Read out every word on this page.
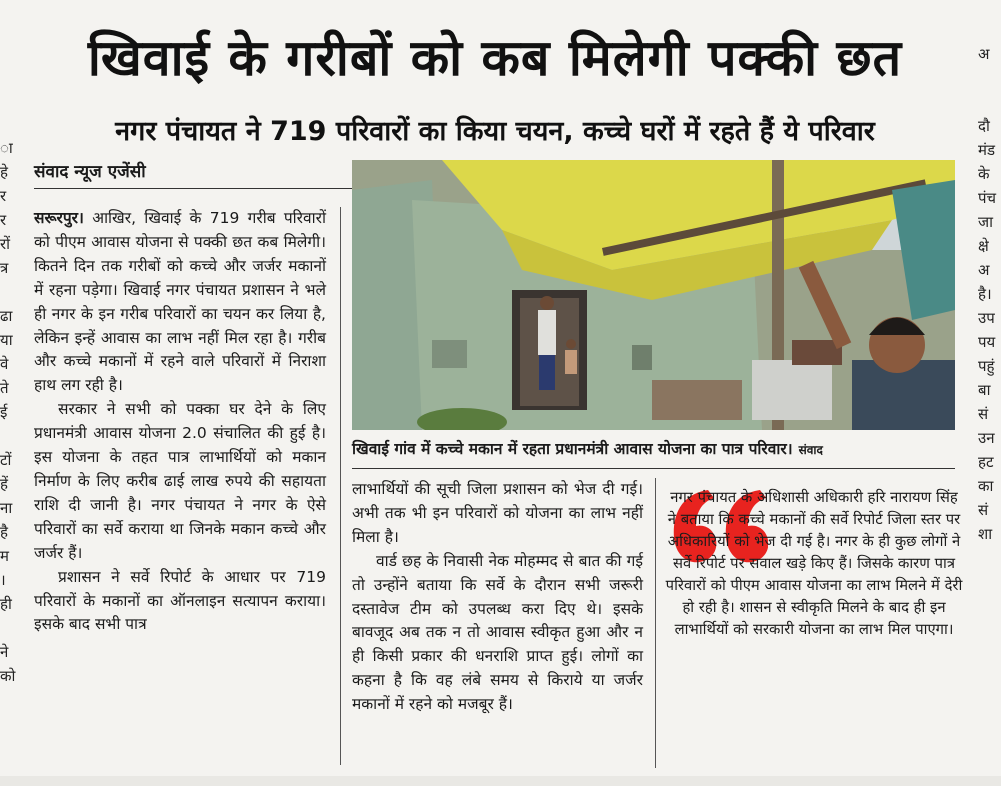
ा
हे
र
र
रों
त्र

ढा
या
वे
ते
ई

टों
हें
ना
है
म
।
ही

ने
को
अ

दौ
मंड
के
पंच
जा
क्षे
अ
है।
उप
पय
पहुं
बा
सं
उन
हट
का
सं
शा
खिवाई के गरीबों को कब मिलेगी पक्की छत
नगर पंचायत ने 719 परिवारों का किया चयन, कच्चे घरों में रहते हैं ये परिवार
संवाद न्यूज एजेंसी

सरूरपुर। आखिर, खिवाई के 719 गरीब परिवारों को पीएम आवास योजना से पक्की छत कब मिलेगी। कितने दिन तक गरीबों को कच्चे और जर्जर मकानों में रहना पड़ेगा। खिवाई नगर पंचायत प्रशासन ने भले ही नगर के इन गरीब परिवारों का चयन कर लिया है, लेकिन इन्हें आवास का लाभ नहीं मिल रहा है। गरीब और कच्चे मकानों में रहने वाले परिवारों में निराशा हाथ लग रही है।

सरकार ने सभी को पक्का घर देने के लिए प्रधानमंत्री आवास योजना 2.0 संचालित की हुई है। इस योजना के तहत पात्र लाभार्थियों को मकान निर्माण के लिए करीब ढाई लाख रुपये की सहायता राशि दी जानी है। नगर पंचायत ने नगर के ऐसे परिवारों का सर्वे कराया था जिनके मकान कच्चे और जर्जर हैं।

प्रशासन ने सर्वे रिपोर्ट के आधार पर 719 परिवारों के मकानों का ऑनलाइन सत्यापन कराया। इसके बाद सभी पात्र

खिवाई गांव में कच्चे मकान में रहता प्रधानमंत्री आवास योजना का पात्र परिवार। संवाद

लाभार्थियों की सूची जिला प्रशासन को भेज दी गई। अभी तक भी इन परिवारों को योजना का लाभ नहीं मिला है।

वार्ड छह के निवासी नेक मोहम्मद से बात की गई तो उन्होंने बताया कि सर्वे के दौरान सभी जरूरी दस्तावेज टीम को उपलब्ध करा दिए थे। इसके बावजूद अब तक न तो आवास स्वीकृत हुआ और न ही किसी प्रकार की धनराशि प्राप्त हुई। लोगों का कहना है कि वह लंबे समय से किराये या जर्जर मकानों में रहने को मजबूर हैं।

नगर पंचायत के अधिशासी अधिकारी हरि नारायण सिंह ने बताया कि कच्चे मकानों की सर्वे रिपोर्ट जिला स्तर पर अधिकारियों को भेज दी गई है। नगर के ही कुछ लोगों ने सर्वे रिपोर्ट पर सवाल खड़े किए हैं। जिसके कारण पात्र परिवारों को पीएम आवास योजना का लाभ मिलने में देरी हो रही है। शासन से स्वीकृति मिलने के बाद ही इन लाभार्थियों को सरकारी योजना का लाभ मिल पाएगा।
